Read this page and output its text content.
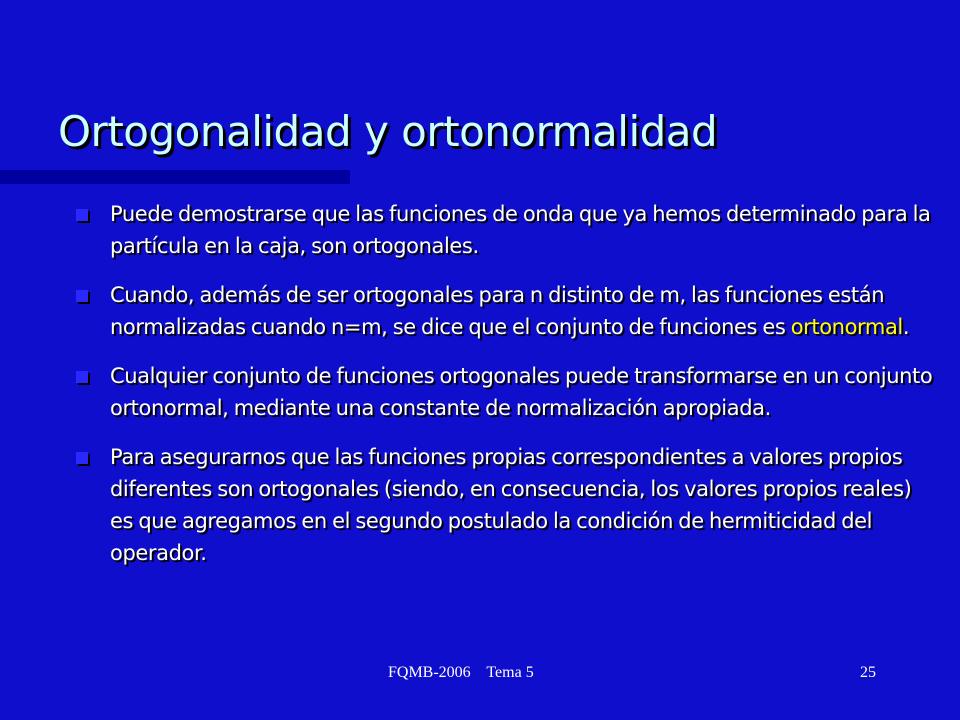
Ortogonalidad y ortonormalidad
Puede demostrarse que las funciones de onda que ya hemos determinado para la partícula en la caja, son ortogonales.
Cuando, además de ser ortogonales para n distinto de m, las funciones están normalizadas cuando n=m, se dice que el conjunto de funciones es ortonormal.
Cualquier conjunto de funciones ortogonales puede transformarse en un conjunto ortonormal, mediante una constante de normalización apropiada.
Para asegurarnos que las funciones propias correspondientes a valores propios diferentes son ortogonales (siendo, en consecuencia, los valores propios reales) es que agregamos en el segundo postulado la condición de hermiticidad del operador.
FQMB-2006    Tema 5	25
